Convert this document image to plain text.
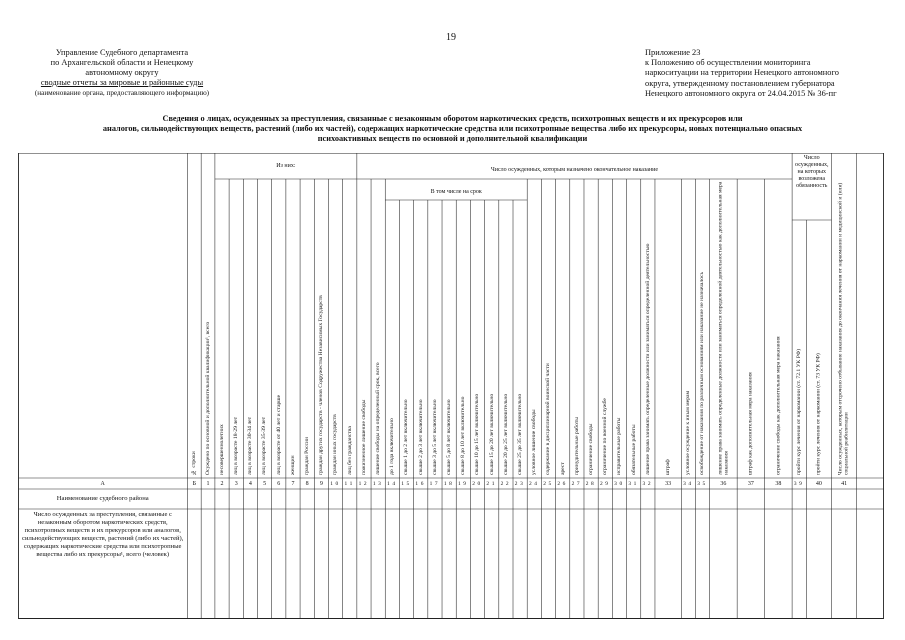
19
Управление Судебного департамента
по Архангельской области и Ненецкому
автономному округу
сводные отчеты за мировые и районные суды
(наименование органа, предоставляющего информацию)
Приложение 23
к Положению об осуществлении мониторинга
наркоситуации на территории Ненецкого автономного
округа, утвержденному постановлением губернатора
Ненецкого автономного округа от 24.04.2015 № 36-пг
Сведения о лицах, осужденных за преступления, связанные с незаконным оборотом наркотических средств, психотропных веществ и их прекурсоров или
аналогов, сильнодействующих веществ, растений (либо их частей), содержащих наркотические средства или психотропные вещества либо их прекурсоры, новых потенциально опасных
психоактивных веществ по основной и дополнительной квалификации
Из них:
Число осужденных, которым назначено окончательное наказание
В том числе на срок
Число осужденных, на которых возложена обязанность
№ строки	Осуждено по основной и дополнительной квалификации¹, всего	несовершеннолетних	лиц в возрасте 18-29 лет	лиц в возрасте 30-34 лет	лиц в возрасте 35-39 лет	лиц в возрасте от 40 лет и старше	женщин	граждан России	граждан других государств - членов Содружества Независимых Государств	граждан иных государств	лиц без гражданства	пожизненное лишение свободы	лишение свободы на определенный срок, всего	до 1 года включительно	свыше 1 до 2 лет включительно	свыше 2 до 3 лет включительно	свыше 3 до 5 лет включительно	свыше 5 до 8 лет включительно	свыше 8 до 10 лет включительно	свыше 10 до 15 лет включительно	свыше 15 до 20 лет включительно	свыше 20 до 25 лет включительно	свыше 25 до 35 лет включительно	условное лишение свободы	содержание в дисциплинарной воинской части	арест	принудительные работы	ограничение свободы	ограничение по военной службе	исправительные работы	обязательные работы	лишение права занимать определенные должности или заниматься определенной деятельностью	штраф	условное осуждение к иным мерам	освобождение от наказания по различным основаниям или наказание не назначалось	лишение права занимать определенные должности или заниматься определенной деятельностью как дополнительная мера наказания	штраф как дополнительная мера наказания	ограничение свободы как дополнительная мера наказания	пройти курс лечения от наркомании (ст. 72.1 УК РФ)	пройти курс лечения от наркомании (ст. 73 УК РФ)	Число осужденных, которым отсрочено отбывание наказания до окончания лечения от наркомании и медицинской и (или) социальной реабилитации
А	Б	1	2	3	4	5	6	7	8	9	10 11 12 13 14 15 16 17 18 19 20 21 22 23 24 25 26 27 28 29 30 31 32	33	34 35	36	37	38	39	40	41
Наименование судебного района
Число осужденных за преступления, связанные с незаконным оборотом наркотических средств, психотропных веществ и их прекурсоров или аналогов, сильнодействующих веществ, растений (либо их частей), содержащих наркотические средства или психотропные вещества либо их прекурсоры¹, всего (человек)
